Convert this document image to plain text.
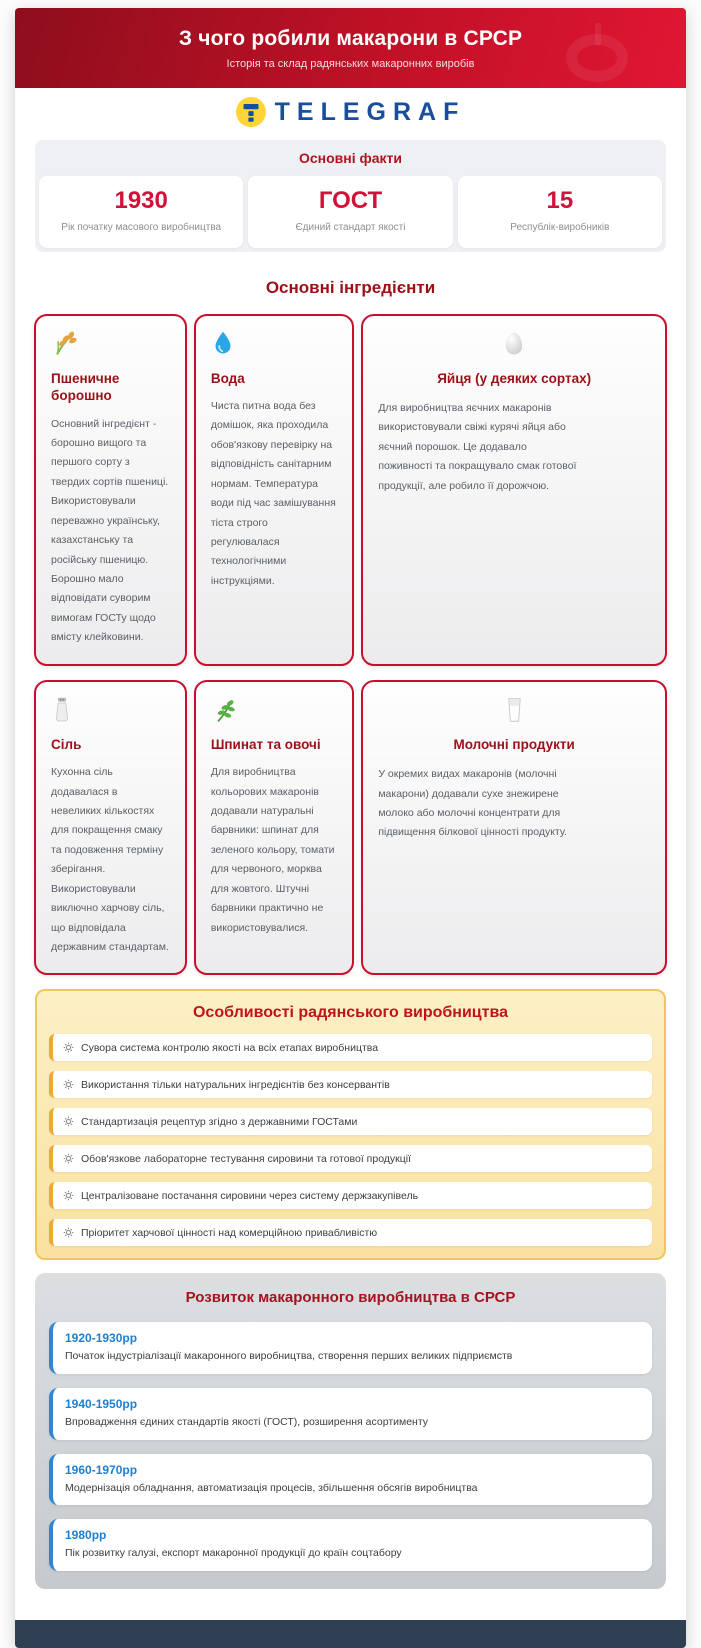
З чого робили макарони в СРСР
Історія та склад радянських макаронних виробів
TELEGRAF
Основні факти
1930
Рік початку масового виробництва
ГОСТ
Єдиний стандарт якості
15
Республік-виробників
Основні інгредієнти
Пшеничне борошно

Основний інгредієнт - борошно вищого та першого сорту з твердих сортів пшениці. Використовували переважно українську, казахстанську та російську пшеницю. Борошно мало відповідати суворим вимогам ГОСТу щодо вмісту клейковини.

Вода

Чиста питна вода без домішок, яка проходила обов'язкову перевірку на відповідність санітарним нормам. Температура води під час замішування тіста строго регулювалася технологічними інструкціями.

Яйця (у деяких сортах)

Для виробництва яєчних макаронів використовували свіжі курячі яйця або яєчний порошок. Це додавало поживності та покращувало смак готової продукції, але робило її дорожчою.

Сіль

Кухонна сіль додавалася в невеликих кількостях для покращення смаку та подовження терміну зберігання. Використовували виключно харчову сіль, що відповідала державним стандартам.

Шпинат та овочі

Для виробництва кольорових макаронів додавали натуральні барвники: шпинат для зеленого кольору, томати для червоного, морква для жовтого. Штучні барвники практично не використовувалися.

Молочні продукти

У окремих видах макаронів (молочні макарони) додавали сухе знежирене молоко або молочні концентрати для підвищення білкової цінності продукту.

Особливості радянського виробництва
Сувора система контролю якості на всіх етапах виробництва
Використання тільки натуральних інгредієнтів без консервантів
Стандартизація рецептур згідно з державними ГОСТами
Обов'язкове лабораторне тестування сировини та готової продукції
Централізоване постачання сировини через систему держзакупівель
Пріоритет харчової цінності над комерційною привабливістю
Розвиток макаронного виробництва в СРСР
1920-1930рр
Початок індустріалізації макаронного виробництва, створення перших великих підприємств
1940-1950рр
Впровадження єдиних стандартів якості (ГОСТ), розширення асортименту
1960-1970рр
Модернізація обладнання, автоматизація процесів, збільшення обсягів виробництва
1980рр
Пік розвитку галузі, експорт макаронної продукції до країн соцтабору
